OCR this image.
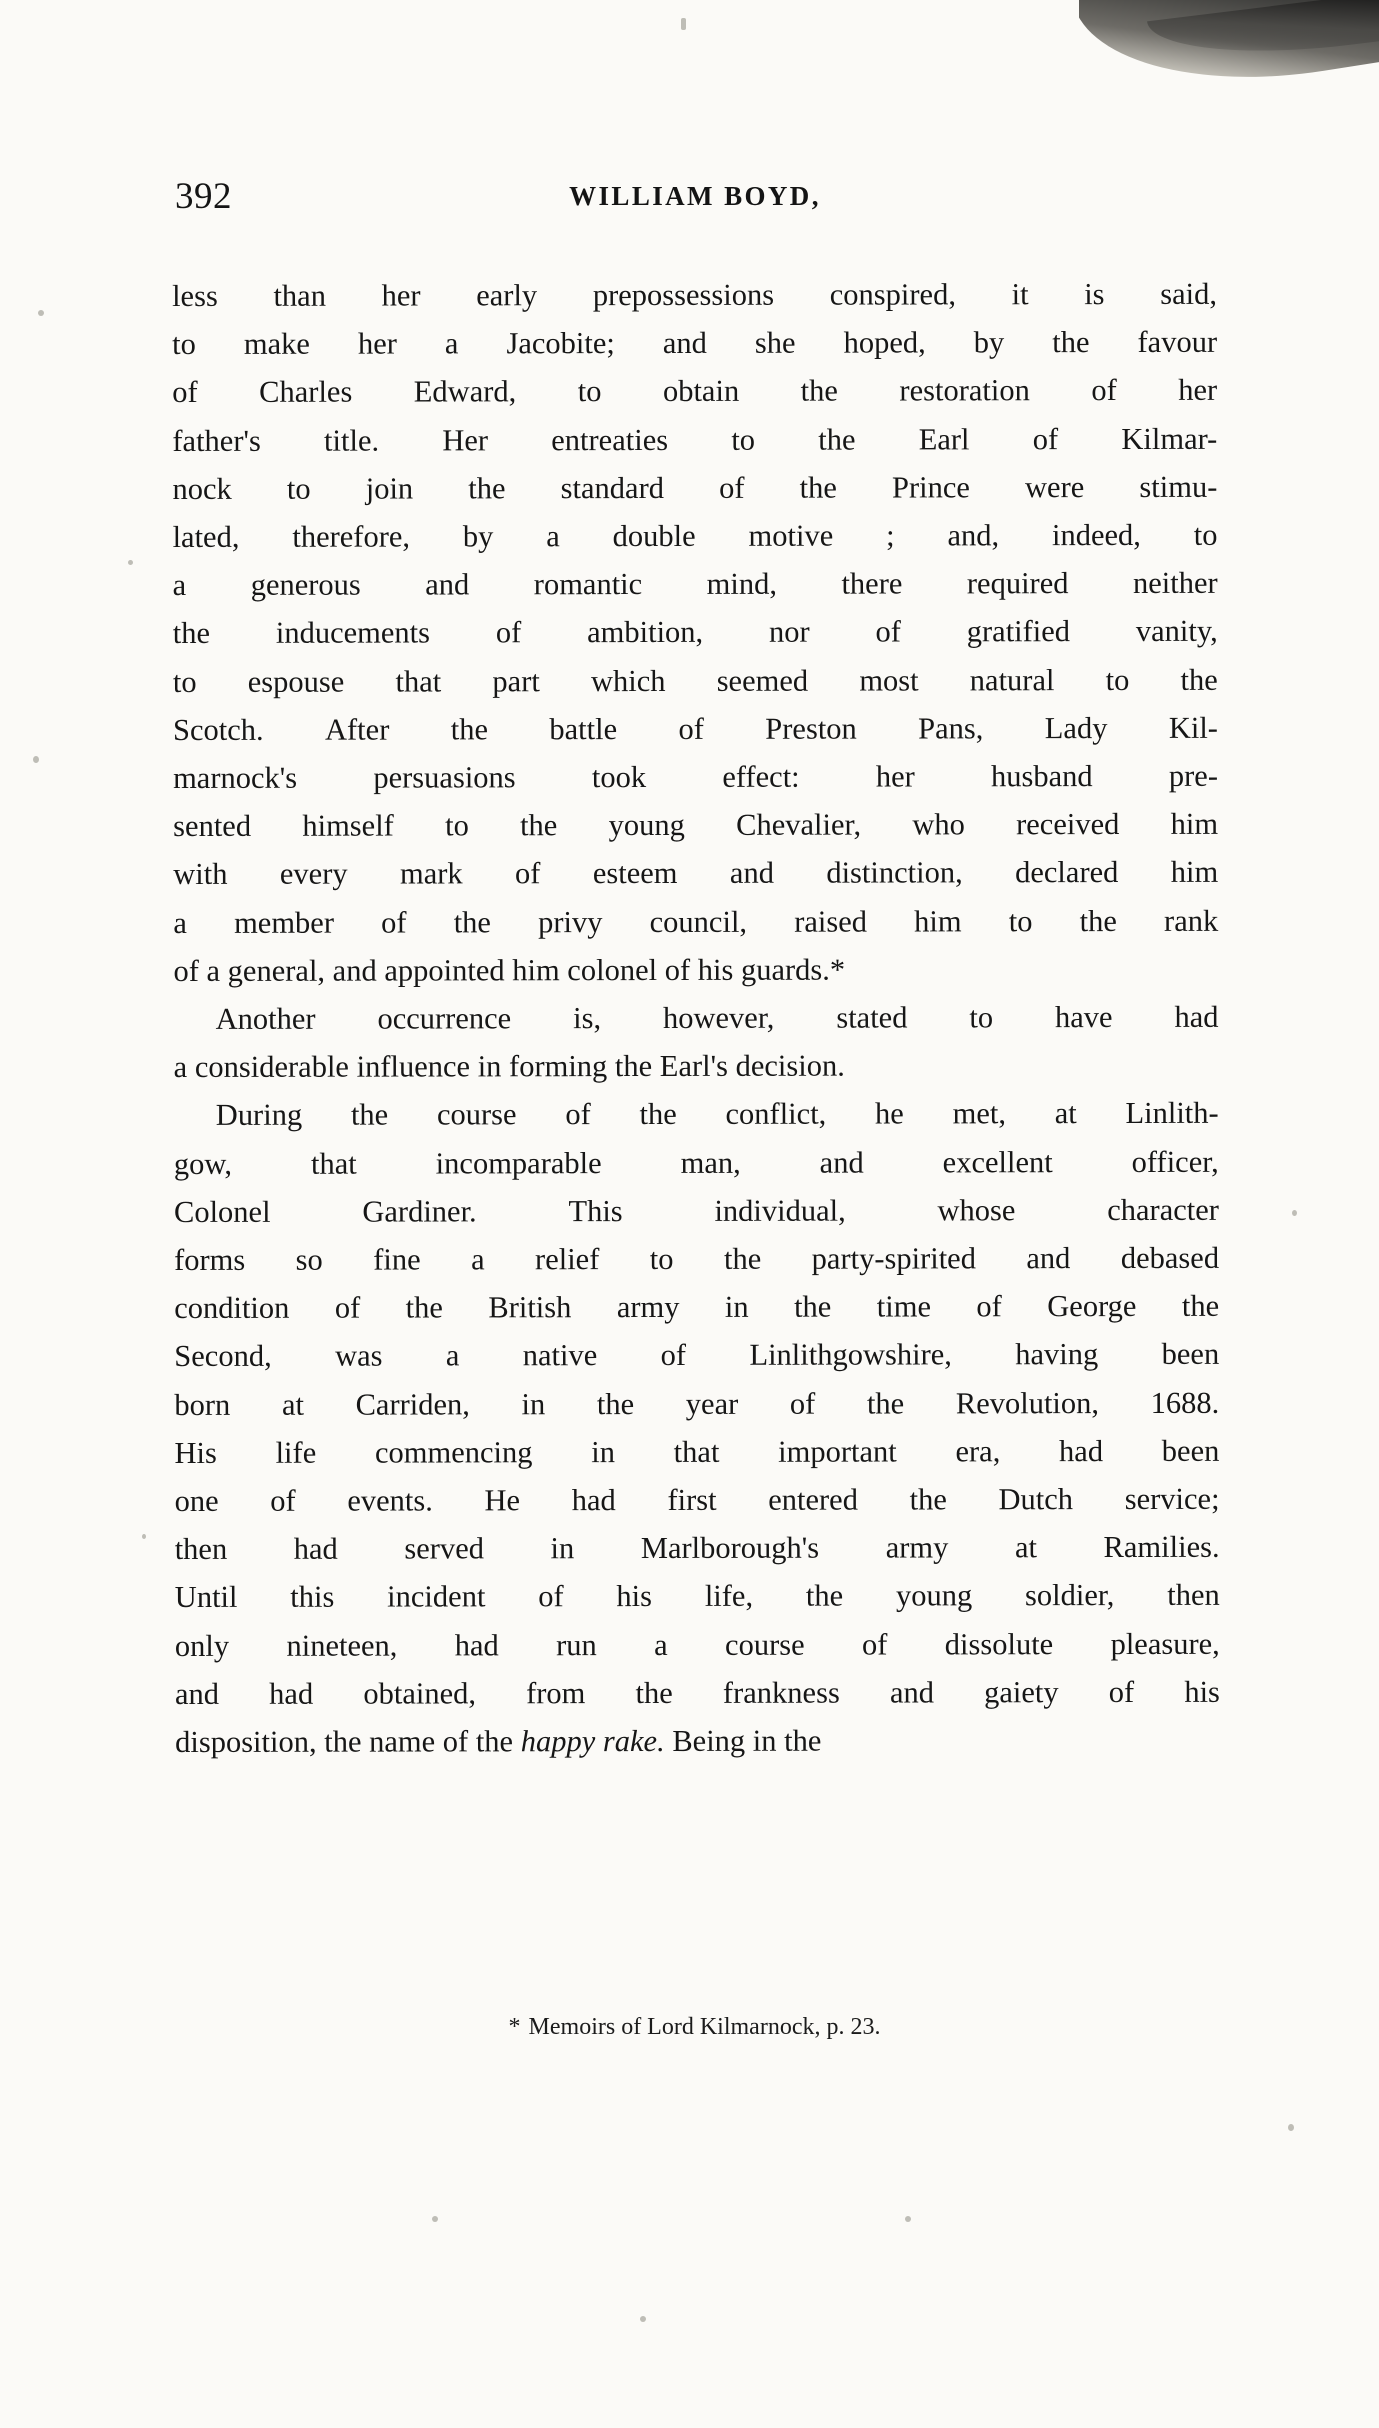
392	WILLIAM BOYD,

less than her early prepossessions conspired, it is said,
to make her a Jacobite; and she hoped, by the favour
of Charles Edward, to obtain the restoration of her
father's title. Her entreaties to the Earl of Kilmar-
nock to join the standard of the Prince were stimu-
lated, therefore, by a double motive ; and, indeed, to
a generous and romantic mind, there required neither
the inducements of ambition, nor of gratified vanity,
to espouse that part which seemed most natural to the
Scotch. After the battle of Preston Pans, Lady Kil-
marnock's persuasions took effect: her husband pre-
sented himself to the young Chevalier, who received him
with every mark of esteem and distinction, declared him
a member of the privy council, raised him to the rank
of a general, and appointed him colonel of his guards.*

Another occurrence is, however, stated to have had
a considerable influence in forming the Earl's decision.

During the course of the conflict, he met, at Linlith-
gow,	that	incomparable	man,	and	excellent	officer,
Colonel	Gardiner.	This	individual,	whose	character
forms so fine a relief to the party-spirited and debased
condition of the British army in the time of George the
Second, was a native of Linlithgowshire, having been
born at Carriden, in the year of the Revolution, 1688.
His life commencing in that important era, had been
one of events. He had first entered the Dutch service;
then had served in Marlborough's army at Ramilies.
Until this incident of his life, the young soldier, then
only nineteen, had run a course of dissolute pleasure,
and had obtained, from the frankness and gaiety of his
disposition, the name of the happy rake. Being in the

* Memoirs of Lord Kilmarnock, p. 23.
